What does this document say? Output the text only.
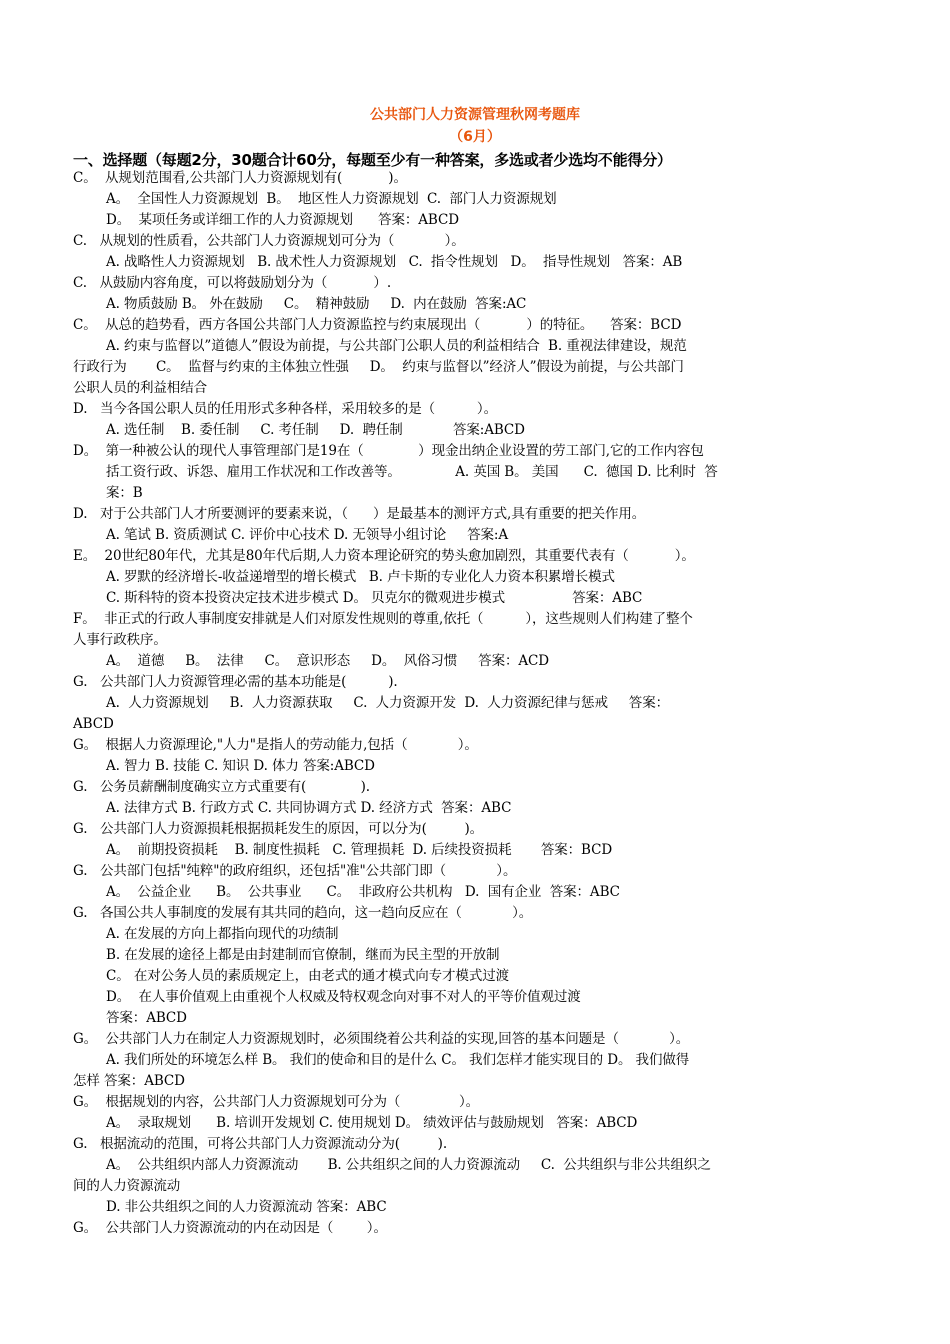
公共部门人力资源管理秋网考题库
（6月）
一、选择题（每题2分，30题合计60分，每题至少有一种答案，多选或者少选均不能得分）
C。  从规划范围看,公共部门人力资源规划有(           )。
A。  全国性人力资源规划  B。  地区性人力资源规划  C.  部门人力资源规划
D。  某项任务或详细工作的人力资源规划      答案：ABCD
C.   从规划的性质看，公共部门人力资源规划可分为（            ）。
A. 战略性人力资源规划   B. 战术性人力资源规划   C.  指令性规划   D。  指导性规划   答案：AB
C.   从鼓励内容角度，可以将鼓励划分为（           ）.
A. 物质鼓励 B。 外在鼓励     C。  精神鼓励     D.  内在鼓励  答案:AC
C。  从总的趋势看，西方各国公共部门人力资源监控与约束展现出（           ）的特征。    答案：BCD
A. 约束与监督以”道德人”假设为前提，与公共部门公职人员的利益相结合  B. 重视法律建设，规范
行政行为       C。  监督与约束的主体独立性强     D。  约束与监督以”经济人”假设为前提，与公共部门
公职人员的利益相结合
D.   当今各国公职人员的任用形式多种各样，采用较多的是（          ）。
A. 选任制    B. 委任制     C. 考任制     D.  聘任制            答案:ABCD
D。  第一种被公认的现代人事管理部门是19在（             ）现金出纳企业设置的劳工部门,它的工作内容包
括工资行政、诉怨、雇用工作状况和工作改善等。             A. 英国 B。 美国      C.  德国 D. 比利时  答
案：B
D.   对于公共部门人才所要测评的要素来说，（      ）是最基本的测评方式,具有重要的把关作用。
A. 笔试 B. 资质测试 C. 评价中心技术 D. 无领导小组讨论     答案:A
E。  20世纪80年代，尤其是80年代后期,人力资本理论研究的势头愈加剧烈，其重要代表有（           ）。
A. 罗默的经济增长-收益递增型的增长模式   B. 卢卡斯的专业化人力资本积累增长模式
C. 斯科特的资本投资决定技术进步模式 D。 贝克尔的微观进步模式                答案：ABC
F。  非正式的行政人事制度安排就是人们对原发性规则的尊重,依托（          ），这些规则人们构建了整个
人事行政秩序。
A。  道德     B。  法律     C。  意识形态     D。  风俗习惯     答案：ACD
G.   公共部门人力资源管理必需的基本功能是(          ).
A.  人力资源规划     B.  人力资源获取     C.  人力资源开发  D.  人力资源纪律与惩戒     答案：
ABCD
G。  根据人力资源理论,"人力"是指人的劳动能力,包括（            ）。
A. 智力 B. 技能 C. 知识 D. 体力 答案:ABCD
G.   公务员薪酬制度确实立方式重要有(             ).
A. 法律方式 B. 行政方式 C. 共同协调方式 D. 经济方式  答案：ABC
G.   公共部门人力资源损耗根据损耗发生的原因，可以分为(         )。
A。  前期投资损耗    B. 制度性损耗   C. 管理损耗  D. 后续投资损耗       答案：BCD
G.   公共部门包括"纯粹"的政府组织，还包括"准"公共部门即（            ）。
A。  公益企业      B。  公共事业      C。  非政府公共机构   D.  国有企业  答案：ABC
G.   各国公共人事制度的发展有其共同的趋向，这一趋向反应在（            ）。
A. 在发展的方向上都指向现代的功绩制
B. 在发展的途径上都是由封建制而官僚制，继而为民主型的开放制
C。 在对公务人员的素质规定上，由老式的通才模式向专才模式过渡
D。  在人事价值观上由重视个人权威及特权观念向对事不对人的平等价值观过渡
答案：ABCD
G。  公共部门人力在制定人力资源规划时，必须围绕着公共利益的实现,回答的基本问题是（            ）。
A. 我们所处的环境怎么样 B。 我们的使命和目的是什么 C。 我们怎样才能实现目的 D。 我们做得
怎样 答案：ABCD
G。  根据规划的内容，公共部门人力资源规划可分为（              ）。
A。  录取规划      B. 培训开发规划 C. 使用规划 D。 绩效评估与鼓励规划   答案：ABCD
G.   根据流动的范围，可将公共部门人力资源流动分为(         ).
A。  公共组织内部人力资源流动       B. 公共组织之间的人力资源流动     C.  公共组织与非公共组织之
间的人力资源流动
D. 非公共组织之间的人力资源流动 答案：ABC
G。  公共部门人力资源流动的内在动因是（        ）。
